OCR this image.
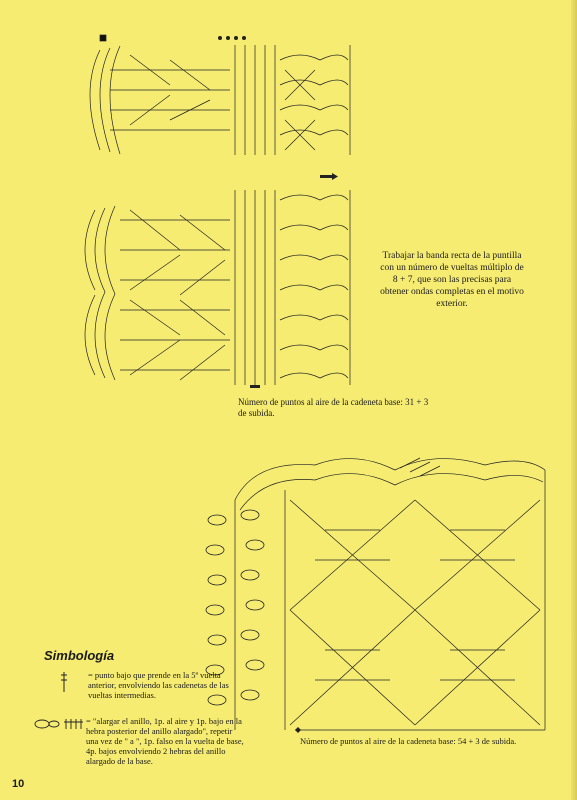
Trabajar la banda recta de la puntilla con un número de vueltas múltiplo de 8 + 7, que son las precisas para obtener ondas completas en el motivo exterior.
Número de puntos al aire de la cadeneta base: 31 + 3 de subida.
Número de puntos al aire de la cadeneta base: 54 + 3 de subida.
Simbología
= punto bajo que prende en la 5ª vuelta anterior, envolviendo las cadenetas de las vueltas intermedias.
= "alargar el anillo, 1p. al aire y 1p. bajo en la hebra posterior del anillo alargado", repetir una vez de " a ", 1p. falso en la vuelta de base, 4p. bajos envolviendo 2 hebras del anillo alargado de la base.
10
